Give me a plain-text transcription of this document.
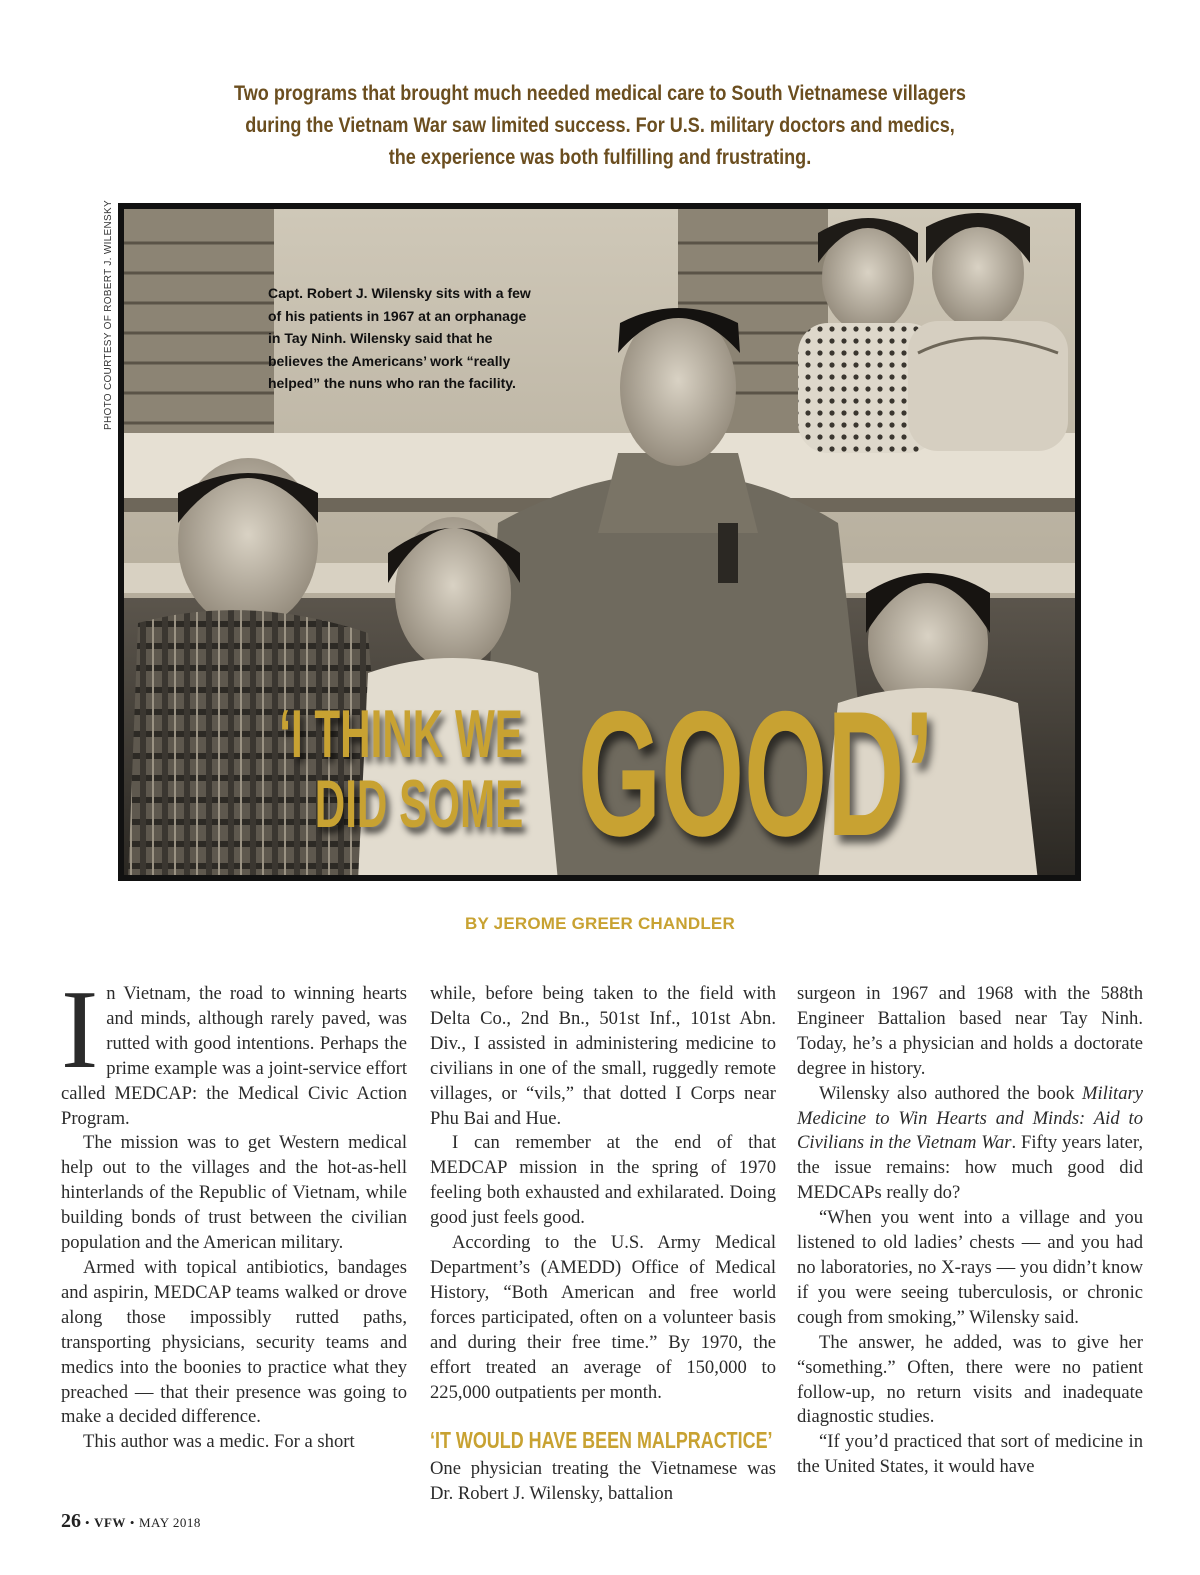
Two programs that brought much needed medical care to South Vietnamese villagers
during the Vietnam War saw limited success. For U.S. military doctors and medics,
the experience was both fulfilling and frustrating.
PHOTO COURTESY OF ROBERT J. WILENSKY	Capt. Robert J. Wilensky sits with a few of his patients in 1967 at an orphanage in Tay Ninh. Wilensky said that he believes the Americans’ work “really helped” the nuns who ran the facility.
‘I THINK WE
DID SOME GOOD’
BY JEROME GREER CHANDLER

In Vietnam, the road to winning hearts and minds, although rarely paved, was rutted with good intentions. Perhaps the prime example was a joint-service effort called MEDCAP: the Medical Civic Action Program.

The mission was to get Western medical help out to the villages and the hot-as-hell hinterlands of the Republic of Vietnam, while building bonds of trust between the civilian population and the American military.

Armed with topical antibiotics, bandages and aspirin, MEDCAP teams walked or drove along those impossibly rutted paths, transporting physicians, security teams and medics into the boonies to practice what they preached — that their presence was going to make a decided difference.

This author was a medic. For a short

while, before being taken to the field with Delta Co., 2nd Bn., 501st Inf., 101st Abn. Div., I assisted in administering medicine to civilians in one of the small, ruggedly remote villages, or “vils,” that dotted I Corps near Phu Bai and Hue.

I can remember at the end of that MEDCAP mission in the spring of 1970 feeling both exhausted and exhilarated. Doing good just feels good.

According to the U.S. Army Medical Department’s (AMEDD) Office of Medical History, “Both American and free world forces participated, often on a volunteer basis and during their free time.” By 1970, the effort treated an average of 150,000 to 225,000 outpatients per month.

‘IT WOULD HAVE BEEN MALPRACTICE’

One physician treating the Vietnamese was Dr. Robert J. Wilensky, battalion

surgeon in 1967 and 1968 with the 588th Engineer Battalion based near Tay Ninh. Today, he’s a physician and holds a doctorate degree in history.

Wilensky also authored the book Military Medicine to Win Hearts and Minds: Aid to Civilians in the Vietnam War. Fifty years later, the issue remains: how much good did MEDCAPs really do?

“When you went into a village and you listened to old ladies’ chests — and you had no laboratories, no X-rays — you didn’t know if you were seeing tuberculosis, or chronic cough from smoking,” Wilensky said.

The answer, he added, was to give her “something.” Often, there were no patient follow-up, no return visits and inadequate diagnostic studies.

“If you’d practiced that sort of medicine in the United States, it would have

26 • VFW • MAY 2018
